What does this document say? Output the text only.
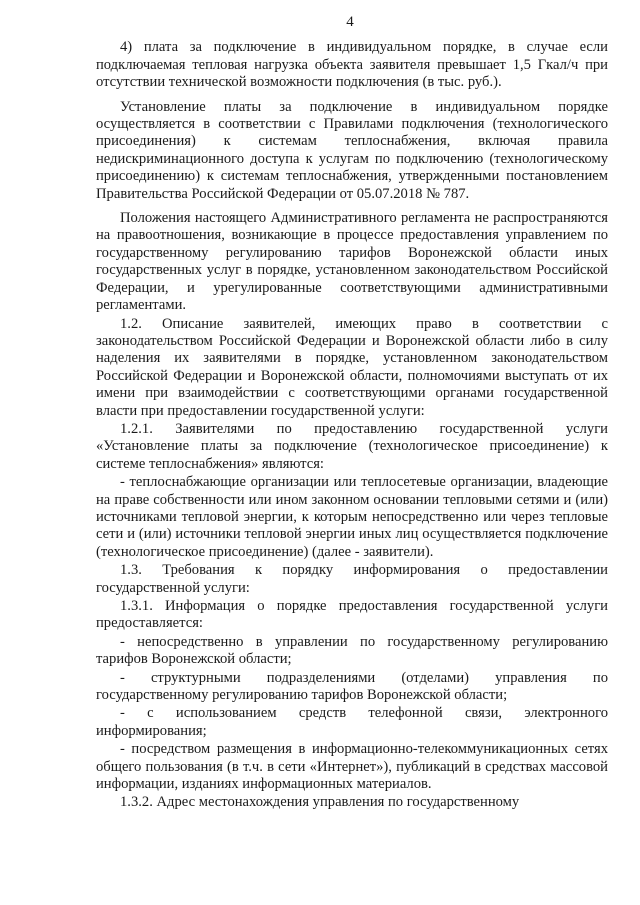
4

4) плата за подключение в индивидуальном порядке, в случае если подключаемая тепловая нагрузка объекта заявителя превышает 1,5 Гкал/ч при отсутствии технической возможности подключения (в тыс. руб.).

Установление платы за подключение в индивидуальном порядке осуществляется в соответствии с Правилами подключения (технологического присоединения) к системам теплоснабжения, включая правила недискриминационного доступа к услугам по подключению (технологическому присоединению) к системам теплоснабжения, утвержденными постановлением Правительства Российской Федерации от 05.07.2018 № 787.

Положения настоящего Административного регламента не распространяются на правоотношения, возникающие в процессе предоставления управлением по государственному регулированию тарифов Воронежской области иных государственных услуг в порядке, установленном законодательством Российской Федерации, и урегулированные соответствующими административными регламентами.

1.2. Описание заявителей, имеющих право в соответствии с законодательством Российской Федерации и Воронежской области либо в силу наделения их заявителями в порядке, установленном законодательством Российской Федерации и Воронежской области, полномочиями выступать от их имени при взаимодействии с соответствующими органами государственной власти при предоставлении государственной услуги:

1.2.1. Заявителями по предоставлению государственной услуги «Установление платы за подключение (технологическое присоединение) к системе теплоснабжения» являются:

- теплоснабжающие организации или теплосетевые организации, владеющие на праве собственности или ином законном основании тепловыми сетями и (или) источниками тепловой энергии, к которым непосредственно или через тепловые сети и (или) источники тепловой энергии иных лиц осуществляется подключение (технологическое присоединение) (далее - заявители).

1.3. Требования к порядку информирования о предоставлении государственной услуги:

1.3.1. Информация о порядке предоставления государственной услуги предоставляется:

- непосредственно в управлении по государственному регулированию тарифов Воронежской области;

- структурными подразделениями (отделами) управления по государственному регулированию тарифов Воронежской области;

- с использованием средств телефонной связи, электронного информирования;

- посредством размещения в информационно-телекоммуникационных сетях общего пользования (в т.ч. в сети «Интернет»), публикаций в средствах массовой информации, изданиях информационных материалов.

1.3.2. Адрес местонахождения управления по государственному
